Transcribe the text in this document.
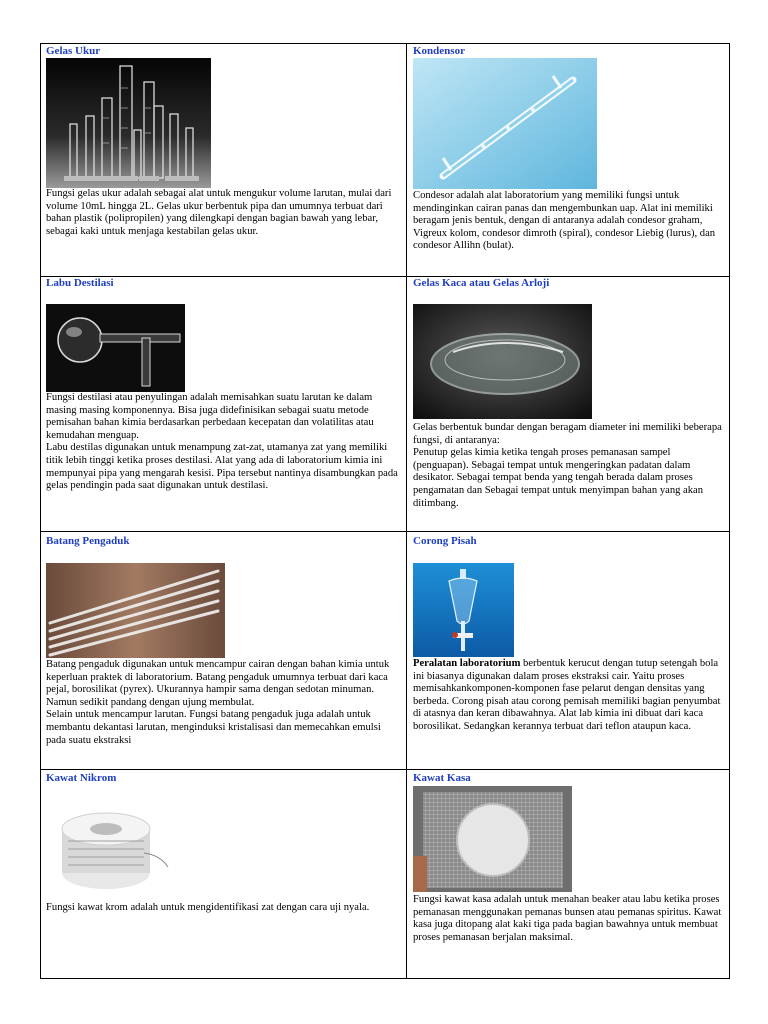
Gelas Ukur

Fungsi gelas ukur adalah sebagai alat untuk mengukur volume larutan, mulai dari volume 10mL hingga 2L. Gelas ukur berbentuk pipa dan umumnya terbuat dari bahan plastik (polipropilen) yang dilengkapi dengan bagian bawah yang lebar, sebagai kaki untuk menjaga kestabilan gelas ukur.

Kondensor

Condesor adalah alat laboratorium yang memiliki fungsi untuk mendinginkan cairan panas dan mengembunkan uap. Alat ini memiliki beragam jenis bentuk, dengan di antaranya adalah condesor graham, Vigreux kolom, condesor dimroth (spiral), condesor Liebig (lurus), dan condesor Allihn (bulat).

Labu Destilasi

Fungsi destilasi atau penyulingan adalah memisahkan suatu larutan ke dalam masing masing komponennya. Bisa juga didefinisikan sebagai suatu metode pemisahan bahan kimia berdasarkan perbedaan kecepatan dan volatilitas atau kemudahan menguap.

Labu destilas digunakan untuk menampung zat-zat, utamanya zat yang memiliki titik lebih tinggi ketika proses destilasi. Alat yang ada di laboratorium kimia ini mempunyai pipa yang mengarah kesisi. Pipa tersebut nantinya disambungkan pada gelas pendingin pada saat digunakan untuk destilasi.

Gelas Kaca atau Gelas Arloji

Gelas berbentuk bundar dengan beragam diameter ini memiliki beberapa fungsi, di antaranya:

Penutup gelas kimia ketika tengah proses pemanasan sampel (penguapan). Sebagai tempat untuk mengeringkan padatan dalam desikator. Sebagai tempat benda yang tengah berada dalam proses pengamatan dan Sebagai tempat untuk menyimpan bahan yang akan ditimbang.

Batang Pengaduk

Batang pengaduk digunakan untuk mencampur cairan dengan bahan kimia untuk keperluan praktek di laboratorium. Batang pengaduk umumnya terbuat dari kaca pejal, borosilikat (pyrex). Ukurannya hampir sama dengan sedotan minuman. Namun sedikit pandang dengan ujung membulat.

Selain untuk mencampur larutan. Fungsi batang pengaduk juga adalah untuk membantu dekantasi larutan, menginduksi kristalisasi dan memecahkan emulsi pada suatu ekstraksi

Corong Pisah

Peralatan laboratorium berbentuk kerucut dengan tutup setengah bola ini biasanya digunakan dalam proses ekstraksi cair. Yaitu proses memisahkankomponen-komponen fase pelarut dengan densitas yang berbeda. Corong pisah atau corong pemisah memiliki bagian penyumbat di atasnya dan keran dibawahnya. Alat lab kimia ini dibuat dari kaca borosilikat. Sedangkan kerannya terbuat dari teflon ataupun kaca.

Kawat Nikrom

Fungsi kawat krom adalah untuk mengidentifikasi zat dengan cara uji nyala.

Kawat Kasa

Fungsi kawat kasa adalah untuk menahan beaker atau labu ketika proses pemanasan menggunakan pemanas bunsen atau pemanas spiritus. Kawat kasa juga ditopang alat kaki tiga pada bagian bawahnya untuk membuat proses pemanasan berjalan maksimal.
